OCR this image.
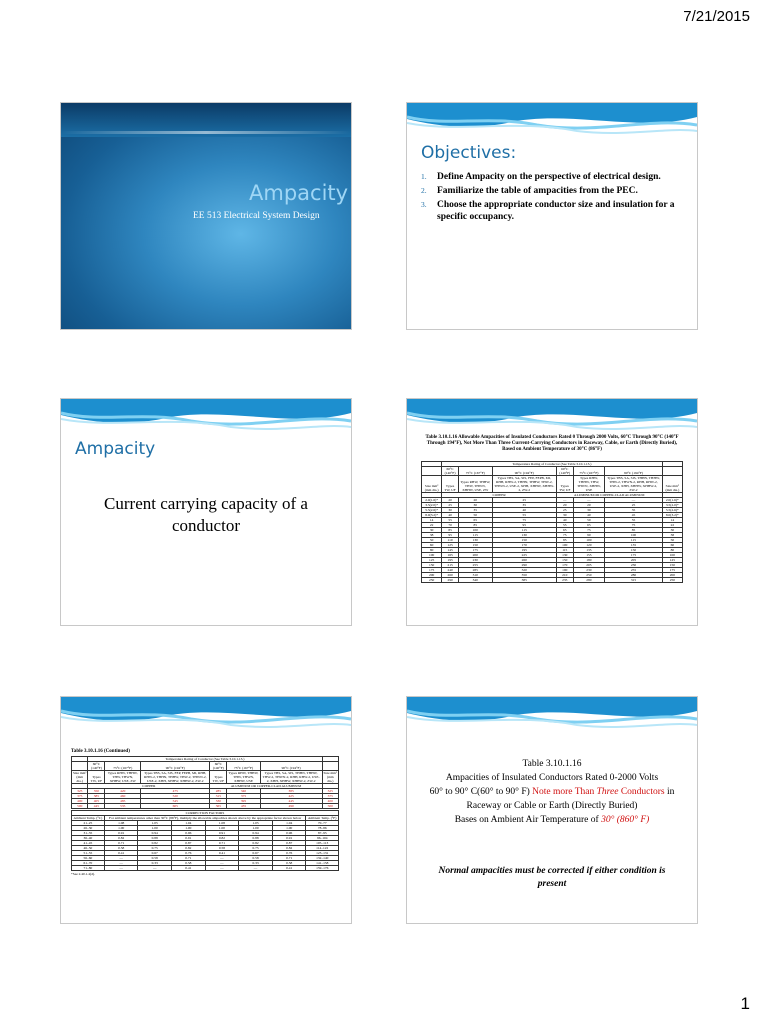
7/21/2015
Ampacity
EE 513 Electrical System Design
Objectives:
1. Define Ampacity on the perspective of electrical design.
2. Familiarize the table of ampacities from the PEC.
3. Choose the appropriate conductor size and insulation for a specific occupancy.
Ampacity
Current carrying capacity of a conductor
Table 3.10.1.16 Allowable Ampacities of Insulated Conductors Rated 0 Through 2000 Volts, 60°C Through 90°C (140°F Through 194°F), Not More Than Three Current-Carrying Conductors in Raceway, Cable, or Earth (Directly Buried), Based on Ambient Temperature of 30°C (86°F)
	Temperature Rating of Conductor (See Table 3.10.1.13.)						
	60°C (140°F)	75°C (167°F)	90°C (194°F)	60°C (140°F)	75°C (167°F)	90°C (194°F)	
Size mm² (mm dia.)	Types TW, UF	Types RHW, THHW, THW, THWN, XHHW, USE, ZW	Types TBS, SA, SIS, FEP, FEPB, MI, RHH, RHW-2, THHN, THHW, THW-2, THWN-2, USE-2, XHH, XHHW, XHHW-2, ZW-2	Types TW, UF	Types RHW, THHW, THW, THWN, XHHW, USE	Types TBS, SA, SIS, THHN, THHW, THW-2, THWN-2, RHH, RHW-2, USE-2, XHH, XHHW, XHHW-2, ZW-2	Size mm² (mm dia.)
	COPPER			ALUMINUM OR COPPER-CLAD ALUMINUM			
2.0(1.6)*	20	20	25	—	—	—	2.0(1.6)*
3.5(2.0)*	25	30	35	20	20	25	3.5(2.0)*
5.5(2.6)*	30	35	40	25	30	35	5.5(2.6)*
8.0(3.2)*	40	50	55	30	40	45	8.0(3.2)*
14	55	65	75	40	50	55	14
22	70	85	95	55	65	75	22
30	85	100	115	65	75	85	30
38	95	115	130	75	90	100	38
50	110	130	150	85	100	115	50
60	125	150	170	100	120	135	60
80	145	175	195	115	135	150	80
100	165	200	225	130	155	175	100
125	195	230	260	150	180	205	125
150	215	255	290	170	205	230	150
175	240	285	320	190	230	255	175
200	260	310	350	210	250	280	200
250	290	340	385	235	280	315	250
Table 3.10.1.16 (Continued)
	Temperature Rating of Conductor (See Table 3.10.1.13.)						
	60°C (140°F)	75°C (167°F)	90°C (194°F)	60°C (140°F)	75°C (167°F)	90°C (194°F)	
Size mm² (mm dia.)	Types TW, UF	Types RHW, THHW, THW, THWN, XHHW, USE, ZW	Types TBS, SA, SIS, FEP, FEPB, MI, RHH, RHW-2, THHN, THHW, THW-2, THWN-2, USE-2, XHH, XHHW, XHHW-2, ZW-2	Types TW, UF	Types RHW, THHW, THW, THWN, XHHW, USE	Types TBS, SA, SIS, THHN, THHW, THW-2, THWN-2, RHH, RHW-2, USE-2, XHH, XHHW, XHHW-2, ZW-2	Size mm² (mm dia.)
	COPPER			ALUMINUM OR COPPER-CLAD ALUMINUM			
325	350	420	475	285	340	385	325
375	385	460	520	315	375	425	375
400	405	485	545	330	395	445	400
500	445	535	605	365	435	490	500
CORRECTION FACTORS							
Ambient Temp. (°C)	For ambient temperatures other than 30°C (86°F), multiply the allowable ampacities shown above by the appropriate factor shown below						Ambient Temp. (°F)
21–25	1.08	1.05	1.04	1.08	1.05	1.04	70–77
26–30	1.00	1.00	1.00	1.00	1.00	1.00	78–86
31–35	0.91	0.94	0.96	0.91	0.94	0.96	87–95
36–40	0.82	0.88	0.91	0.82	0.88	0.91	96–104
41–45	0.71	0.82	0.87	0.71	0.82	0.87	105–113
46–50	0.58	0.75	0.82	0.58	0.75	0.82	114–122
51–55	0.41	0.67	0.76	0.41	0.67	0.76	123–131
56–60	—	0.58	0.71	—	0.58	0.71	132–140
61–70	—	0.33	0.58	—	0.33	0.58	141–158
71–80	—	—	0.41	—	—	0.41	159–176
*See 2.40.1.4(d).
Table 3.10.1.16
Ampacities of Insulated Conductors Rated 0-2000 Volts
60° to 90° C(60° to 90° F) Note more Than Three Conductors in Raceway or Cable or Earth (Directly Buried)
Bases on Ambient Air Temperature of 30° (860° F)
Normal ampacities must be corrected if either condition is present
1
